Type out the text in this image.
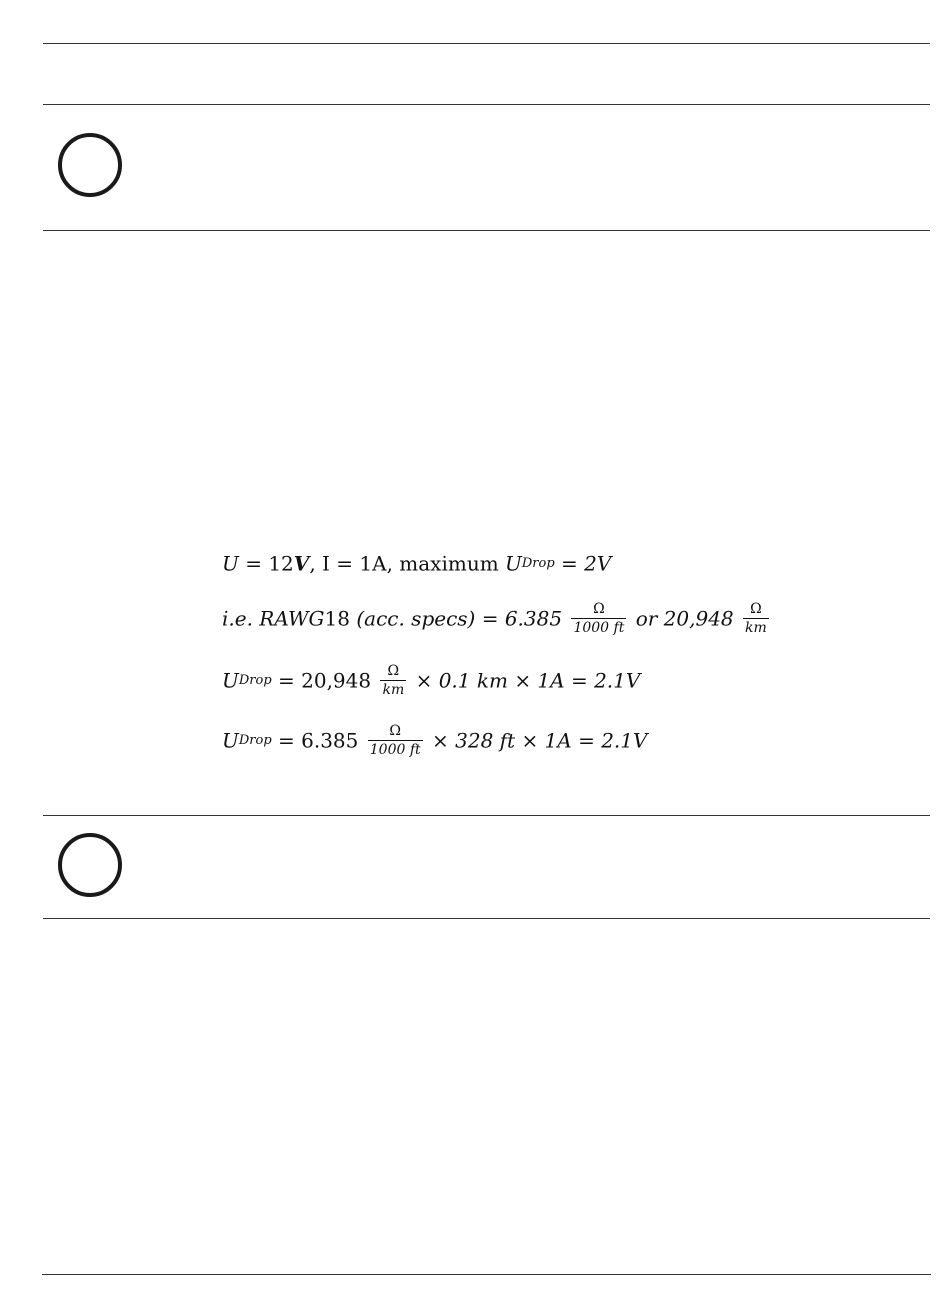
U = 12V, I = 1A, maximum UDrop = 2V
i.e. RAWG18 (acc. specs) = $6.385 \frac{\Omega}{1000 ft}$ or $20,948 \frac{\Omega}{km}$
UDrop = $20,948 \frac{\Omega}{km} \times 0.1$ km × 1A = 2.1V
UDrop = $6.385 \frac{\Omega}{1000 ft} \times 328$ ft × 1A = 2.1V
